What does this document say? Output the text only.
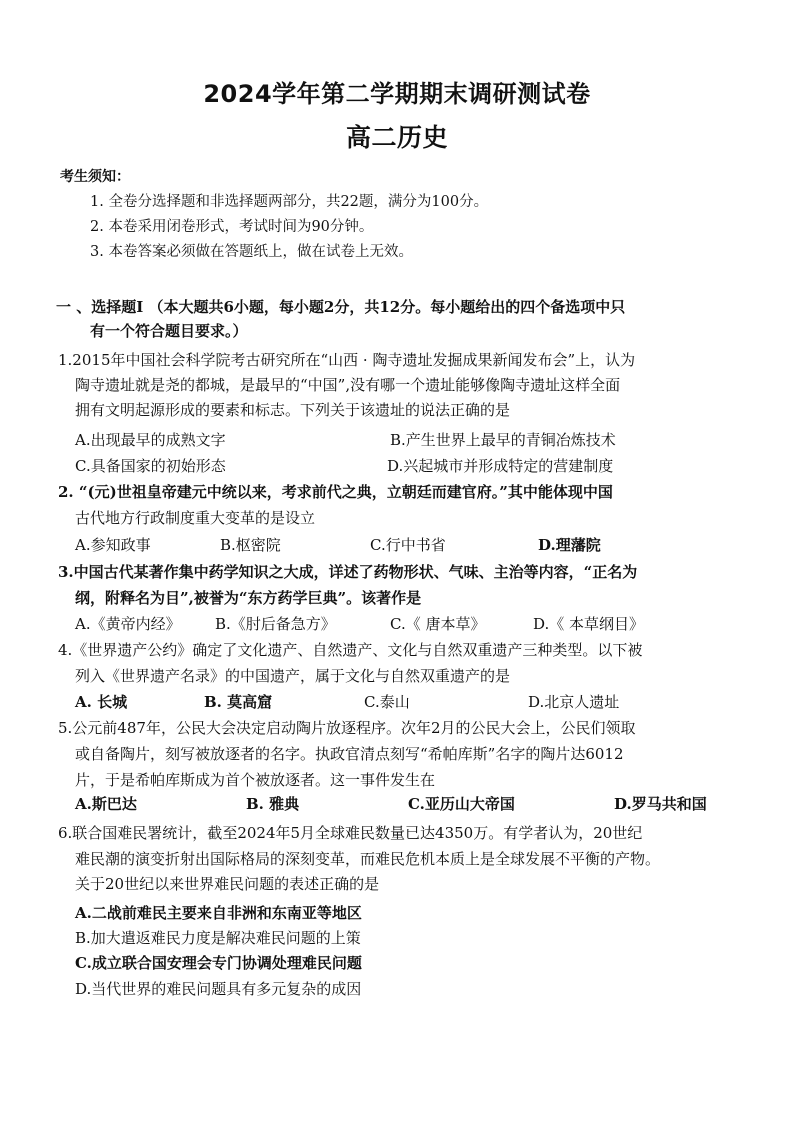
2024学年第二学期期末调研测试卷
高二历史
考生须知：
1. 全卷分选择题和非选择题两部分，共22题，满分为100分。
2. 本卷采用闭卷形式，考试时间为90分钟。
3. 本卷答案必须做在答题纸上，做在试卷上无效。
一 、选择题I （本大题共6小题，每小题2分，共12分。每小题给出的四个备选项中只
有一个符合题目要求。）
1.2015年中国社会科学院考古研究所在“山西 · 陶寺遗址发掘成果新闻发布会”上，认为
陶寺遗址就是尧的都城，是最早的“中国”,没有哪一个遗址能够像陶寺遗址这样全面
拥有文明起源形成的要素和标志。下列关于该遗址的说法正确的是
A.出现最早的成熟文字	B.产生世界上最早的青铜冶炼技术
C.具备国家的初始形态	D.兴起城市并形成特定的营建制度
2. “(元)世祖皇帝建元中统以来，考求前代之典，立朝廷而建官府。”其中能体现中国
古代地方行政制度重大变革的是设立
A.参知政事	B.枢密院	C.行中书省	D.理藩院
3.中国古代某著作集中药学知识之大成，详述了药物形状、气味、主治等内容，“正名为
纲，附释名为目”,被誉为“东方药学巨典”。该著作是
A.《黄帝内经》 B.《肘后备急方》	C.《 唐本草》	D.《 本草纲目》
4.《世界遗产公约》确定了文化遗产、自然遗产、文化与自然双重遗产三种类型。以下被
列入《世界遗产名录》的中国遗产，属于文化与自然双重遗产的是
A. 长城	B. 莫高窟	C.泰山	D.北京人遗址
5.公元前487年，公民大会决定启动陶片放逐程序。次年2月的公民大会上，公民们领取
或自备陶片，刻写被放逐者的名字。执政官清点刻写“希帕库斯”名字的陶片达6012
片，于是希帕库斯成为首个被放逐者。这一事件发生在
A.斯巴达	B. 雅典	C.亚历山大帝国	D.罗马共和国
6.联合国难民署统计，截至2024年5月全球难民数量已达4350万。有学者认为，20世纪
难民潮的演变折射出国际格局的深刻变革，而难民危机本质上是全球发展不平衡的产物。
关于20世纪以来世界难民问题的表述正确的是
A.二战前难民主要来自非洲和东南亚等地区
B.加大遣返难民力度是解决难民问题的上策
C.成立联合国安理会专门协调处理难民问题
D.当代世界的难民问题具有多元复杂的成因
